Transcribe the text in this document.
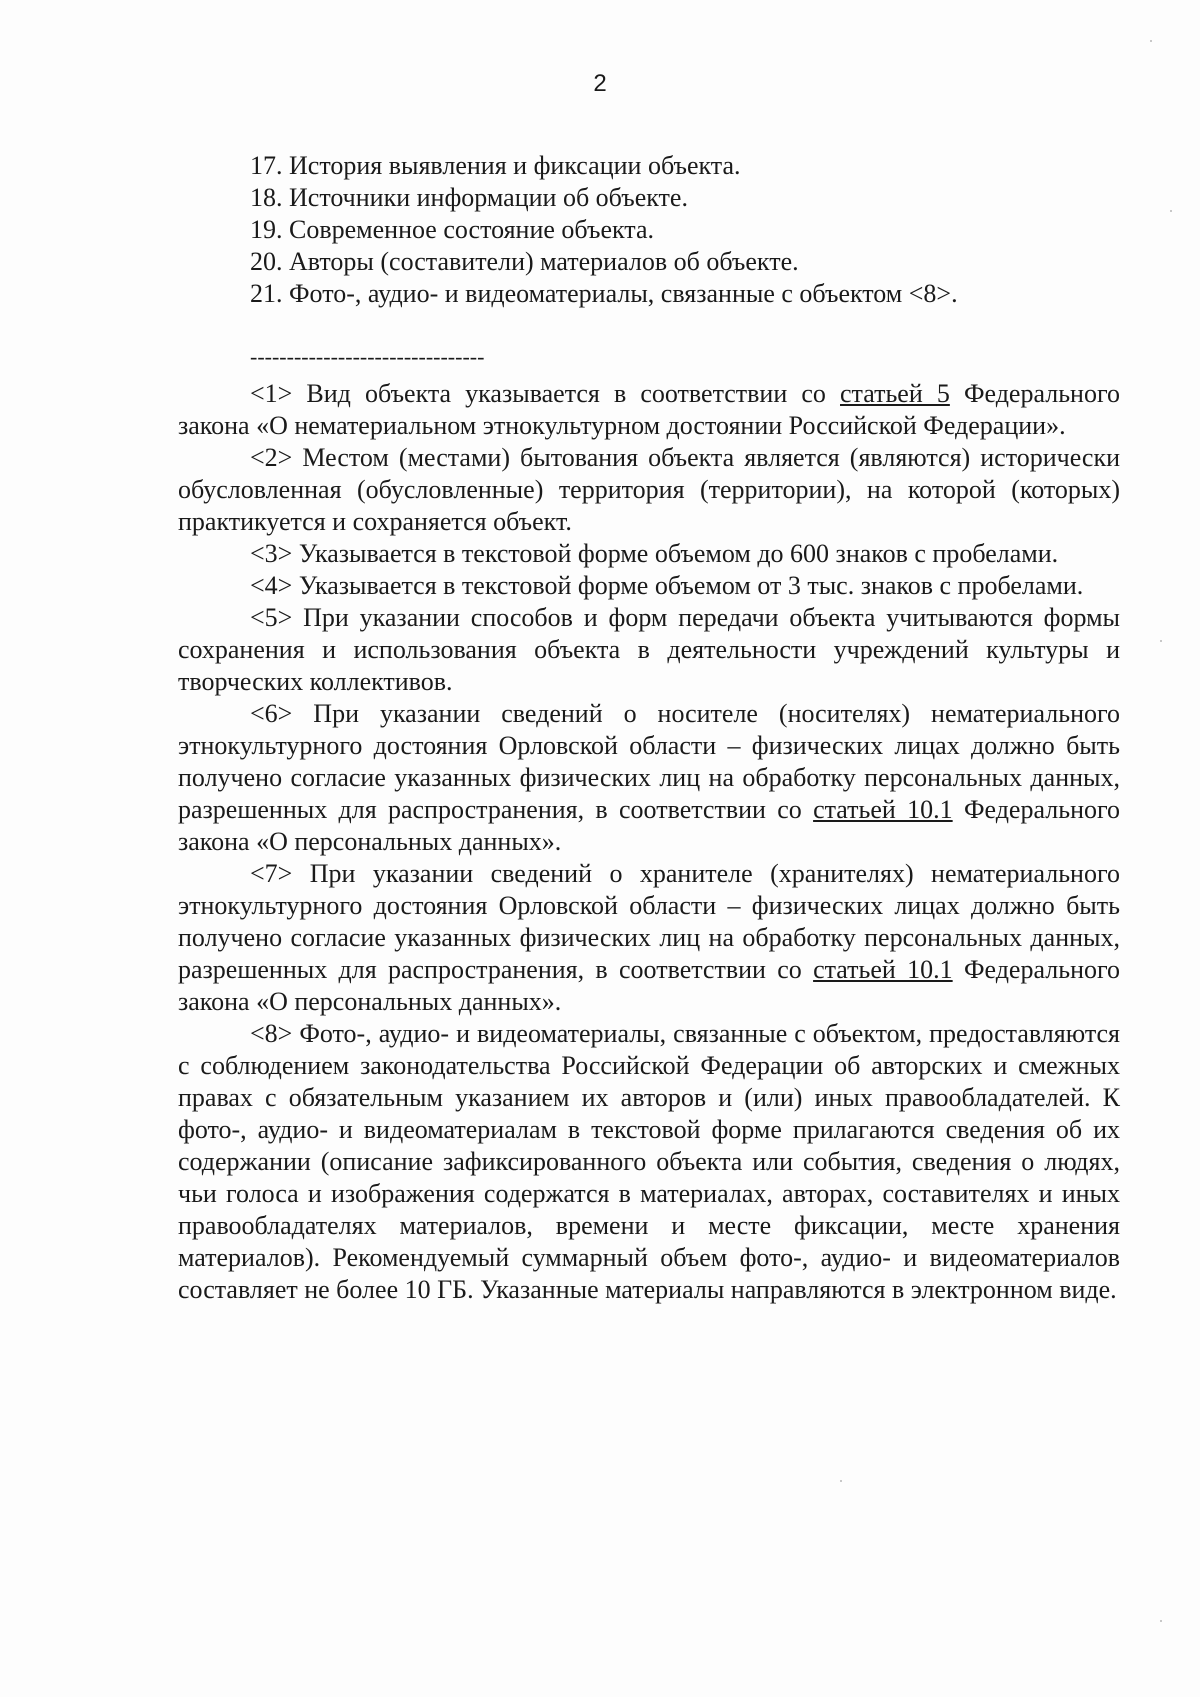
2
17. История выявления и фиксации объекта.
18. Источники информации об объекте.
19. Современное состояние объекта.
20. Авторы (составители) материалов об объекте.
21. Фото-, аудио- и видеоматериалы, связанные с объектом <8>.
--------------------------------

<1> Вид объекта указывается в соответствии со статьей 5 Федерального закона «О нематериальном этнокультурном достоянии Российской Федерации».

<2> Местом (местами) бытования объекта является (являются) исторически обусловленная (обусловленные) территория (территории), на которой (которых) практикуется и сохраняется объект.

<3> Указывается в текстовой форме объемом до 600 знаков с пробелами.

<4> Указывается в текстовой форме объемом от 3 тыс. знаков с пробелами.

<5> При указании способов и форм передачи объекта учитываются формы сохранения и использования объекта в деятельности учреждений культуры и творческих коллективов.

<6> При указании сведений о носителе (носителях) нематериального этнокультурного достояния Орловской области – физических лицах должно быть получено согласие указанных физических лиц на обработку персональных данных, разрешенных для распространения, в соответствии со статьей 10.1 Федерального закона «О персональных данных».

<7> При указании сведений о хранителе (хранителях) нематериального этнокультурного достояния Орловской области – физических лицах должно быть получено согласие указанных физических лиц на обработку персональных данных, разрешенных для распространения, в соответствии со статьей 10.1 Федерального закона «О персональных данных».

<8> Фото-, аудио- и видеоматериалы, связанные с объектом, предоставляются с соблюдением законодательства Российской Федерации об авторских и смежных правах с обязательным указанием их авторов и (или) иных правообладателей. К фото-, аудио- и видеоматериалам в текстовой форме прилагаются сведения об их содержании (описание зафиксированного объекта или события, сведения о людях, чьи голоса и изображения содержатся в материалах, авторах, составителях и иных правообладателях материалов, времени и месте фиксации, месте хранения материалов). Рекомендуемый суммарный объем фото-, аудио- и видеоматериалов составляет не более 10 ГБ. Указанные материалы направляются в электронном виде.
